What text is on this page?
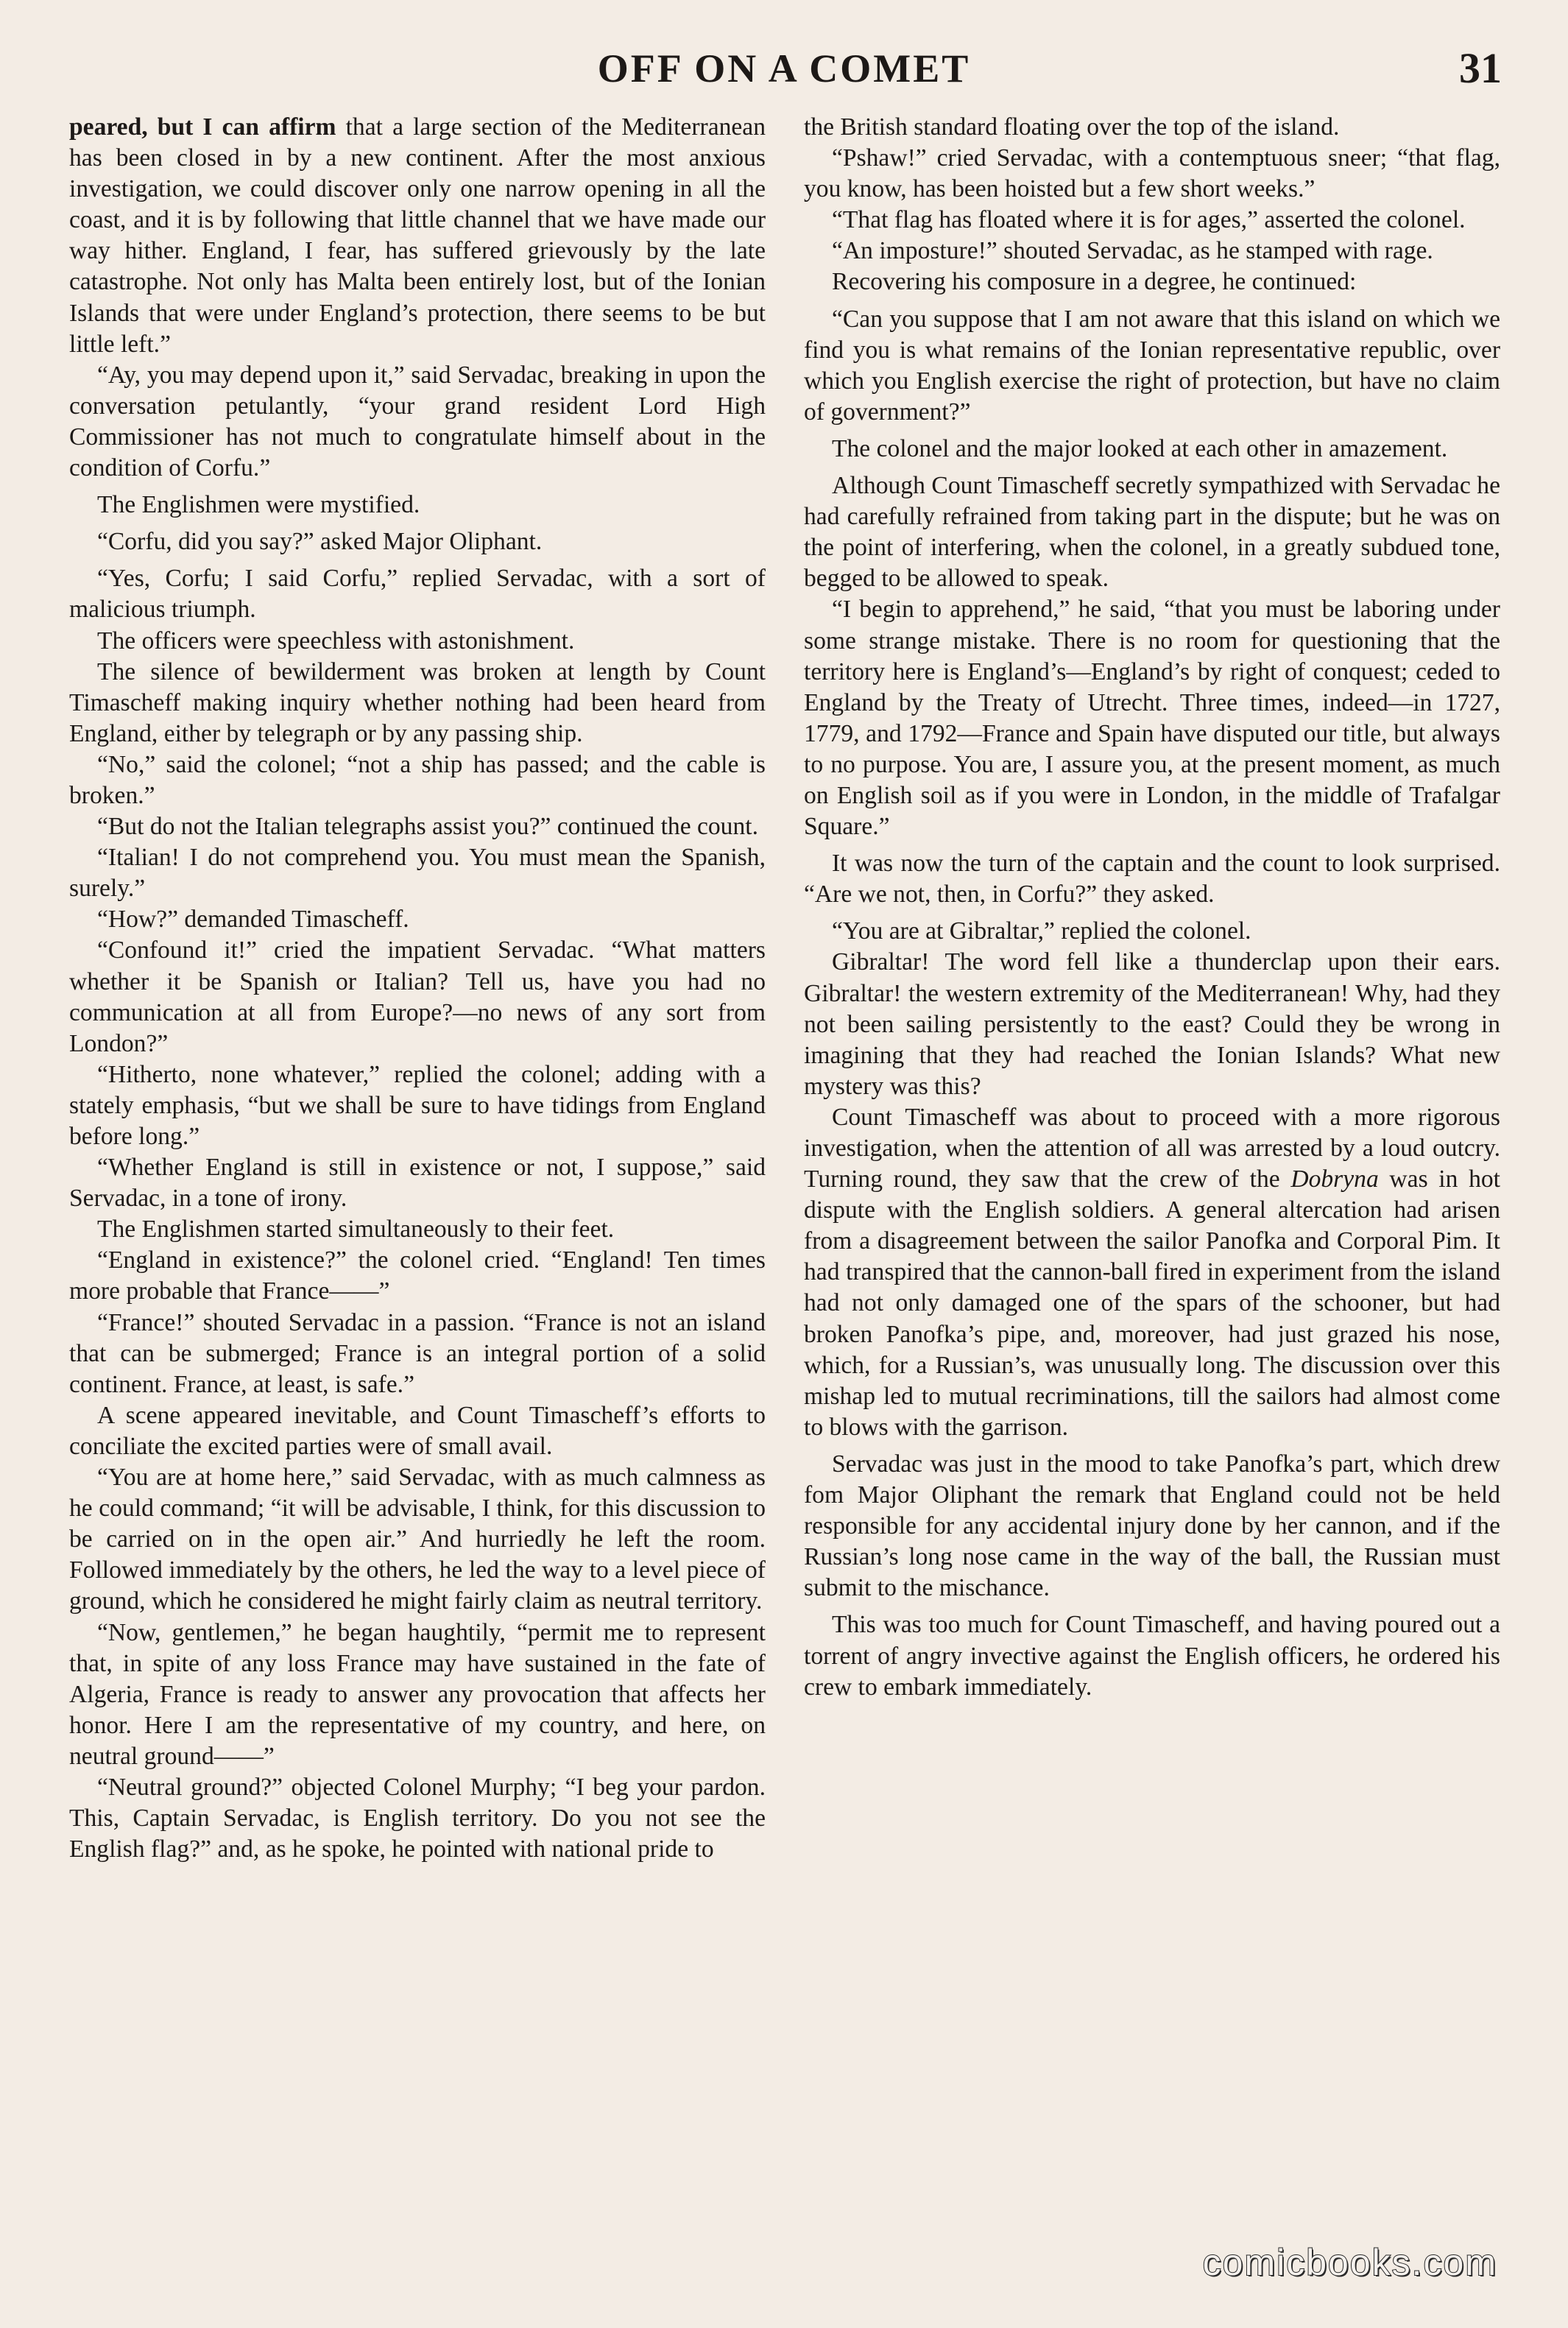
OFF ON A COMET	31

peared, but I can affirm that a large section of the Mediterranean has been closed in by a new continent. After the most anxious investigation, we could discover only one narrow opening in all the coast, and it is by following that little channel that we have made our way hither. England, I fear, has suffered grievously by the late catastrophe. Not only has Malta been entirely lost, but of the Ionian Islands that were under England’s protection, there seems to be but little left.”

“Ay, you may depend upon it,” said Servadac, breaking in upon the conversation petulantly, “your grand resident Lord High Commissioner has not much to congratulate himself about in the condition of Corfu.”

The Englishmen were mystified.

“Corfu, did you say?” asked Major Oliphant.

“Yes, Corfu; I said Corfu,” replied Servadac, with a sort of malicious triumph.

The officers were speechless with astonishment.

The silence of bewilderment was broken at length by Count Timascheff making inquiry whether nothing had been heard from England, either by telegraph or by any passing ship.

“No,” said the colonel; “not a ship has passed; and the cable is broken.”

“But do not the Italian telegraphs assist you?” continued the count.

“Italian! I do not comprehend you. You must mean the Spanish, surely.”

“How?” demanded Timascheff.

“Confound it!” cried the impatient Servadac. “What matters whether it be Spanish or Italian? Tell us, have you had no communication at all from Europe?—no news of any sort from London?”

“Hitherto, none whatever,” replied the colonel; adding with a stately emphasis, “but we shall be sure to have tidings from England before long.”

“Whether England is still in existence or not, I suppose,” said Servadac, in a tone of irony.

The Englishmen started simultaneously to their feet.

“England in existence?” the colonel cried. “England! Ten times more probable that France——”

“France!” shouted Servadac in a passion. “France is not an island that can be submerged; France is an integral portion of a solid continent. France, at least, is safe.”

A scene appeared inevitable, and Count Timascheff’s efforts to conciliate the excited parties were of small avail.

“You are at home here,” said Servadac, with as much calmness as he could command; “it will be advisable, I think, for this discussion to be carried on in the open air.” And hurriedly he left the room. Followed immediately by the others, he led the way to a level piece of ground, which he considered he might fairly claim as neutral territory.

“Now, gentlemen,” he began haughtily, “permit me to represent that, in spite of any loss France may have sustained in the fate of Algeria, France is ready to answer any provocation that affects her honor. Here I am the representative of my country, and here, on neutral ground——”

“Neutral ground?” objected Colonel Murphy; “I beg your pardon. This, Captain Servadac, is English territory. Do you not see the English flag?” and, as he spoke, he pointed with national pride to

the British standard floating over the top of the island.

“Pshaw!” cried Servadac, with a contemptuous sneer; “that flag, you know, has been hoisted but a few short weeks.”

“That flag has floated where it is for ages,” asserted the colonel.

“An imposture!” shouted Servadac, as he stamped with rage.

Recovering his composure in a degree, he continued:

“Can you suppose that I am not aware that this island on which we find you is what remains of the Ionian representative republic, over which you English exercise the right of protection, but have no claim of government?”

The colonel and the major looked at each other in amazement.

Although Count Timascheff secretly sympathized with Servadac he had carefully refrained from taking part in the dispute; but he was on the point of interfering, when the colonel, in a greatly subdued tone, begged to be allowed to speak.

“I begin to apprehend,” he said, “that you must be laboring under some strange mistake. There is no room for questioning that the territory here is England’s—England’s by right of conquest; ceded to England by the Treaty of Utrecht. Three times, indeed—in 1727, 1779, and 1792—France and Spain have disputed our title, but always to no purpose. You are, I assure you, at the present moment, as much on English soil as if you were in London, in the middle of Trafalgar Square.”

It was now the turn of the captain and the count to look surprised. “Are we not, then, in Corfu?” they asked.

“You are at Gibraltar,” replied the colonel.

Gibraltar! The word fell like a thunderclap upon their ears. Gibraltar! the western extremity of the Mediterranean! Why, had they not been sailing persistently to the east? Could they be wrong in imagining that they had reached the Ionian Islands? What new mystery was this?

Count Timascheff was about to proceed with a more rigorous investigation, when the attention of all was arrested by a loud outcry. Turning round, they saw that the crew of the Dobryna was in hot dispute with the English soldiers. A general altercation had arisen from a disagreement between the sailor Panofka and Corporal Pim. It had transpired that the cannon-ball fired in experiment from the island had not only damaged one of the spars of the schooner, but had broken Panofka’s pipe, and, moreover, had just grazed his nose, which, for a Russian’s, was unusually long. The discussion over this mishap led to mutual recriminations, till the sailors had almost come to blows with the garrison.

Servadac was just in the mood to take Panofka’s part, which drew fom Major Oliphant the remark that England could not be held responsible for any accidental injury done by her cannon, and if the Russian’s long nose came in the way of the ball, the Russian must submit to the mischance.

This was too much for Count Timascheff, and having poured out a torrent of angry invective against the English officers, he ordered his crew to embark immediately.

comicbooks.com
